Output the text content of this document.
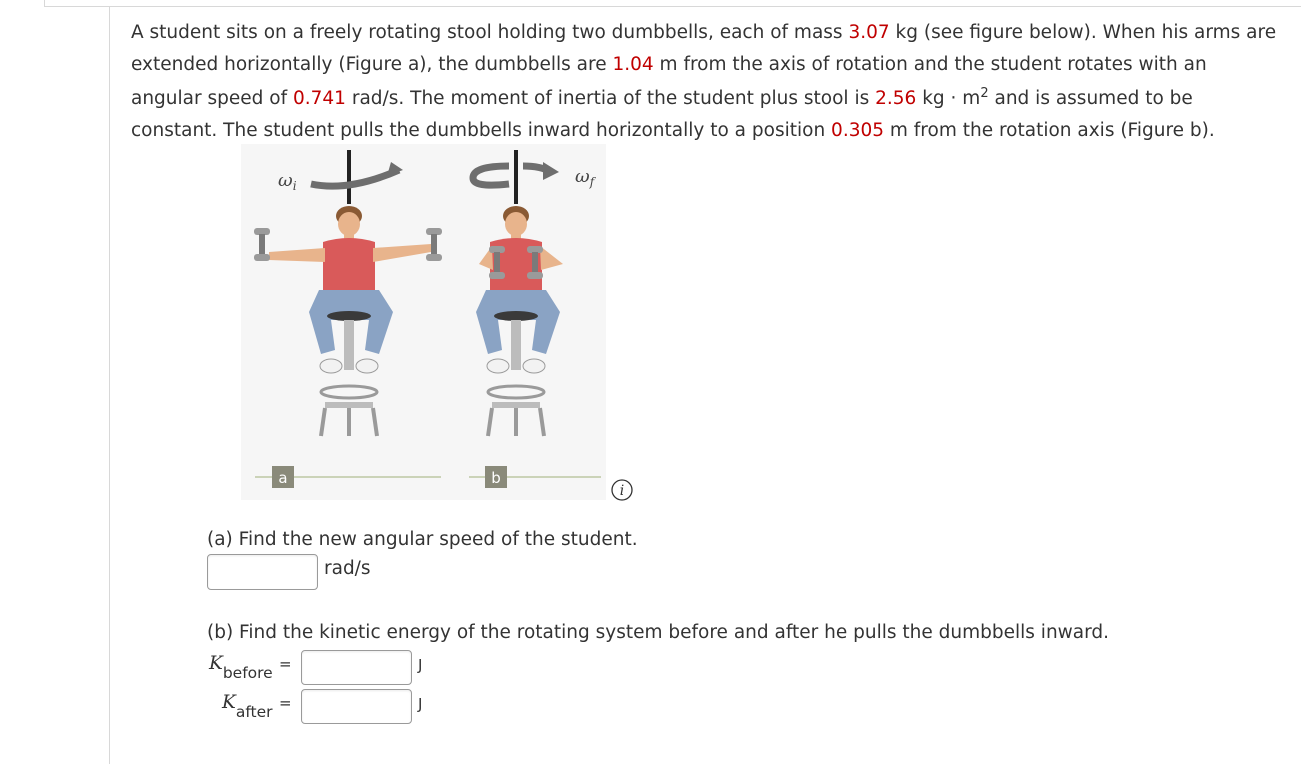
A student sits on a freely rotating stool holding two dumbbells, each of mass 3.07 kg (see figure below). When his arms are
extended horizontally (Figure a), the dumbbells are 1.04 m from the axis of rotation and the student rotates with an
angular speed of 0.741 rad/s. The moment of inertia of the student plus stool is 2.56 kg · $m^2$ and is assumed to be
constant. The student pulls the dumbbells inward horizontally to a position 0.305 m from the rotation axis (Figure b).
$\omega_i$
a
$\omega_f$
b
i
(a) Find the new angular speed of the student.
rad/s
(b) Find the kinetic energy of the rotating system before and after he pulls the dumbbells inward.
$K_{before}$ =	J
$K_{after}$ =	J
